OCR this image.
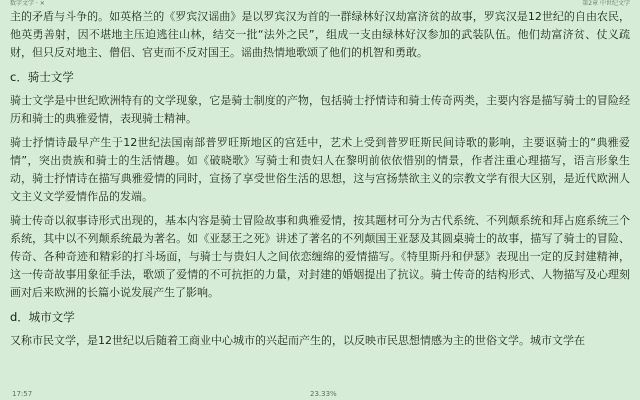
数字文学 · ✕	第2章 中世纪文学

主的矛盾与斗争的。如英格兰的《罗宾汉谣曲》是以罗宾汉为首的一群绿林好汉劫富济贫的故事，罗宾汉是12世纪的自由农民，他英勇善射，因不堪地主压迫逃往山林，结交一批“法外之民”，组成一支由绿林好汉参加的武装队伍。他们劫富济贫、仗义疏财，但只反对地主、僧侣、官吏而不反对国王。谣曲热情地歌颂了他们的机智和勇敢。

c．骑士文学

骑士文学是中世纪欧洲特有的文学现象，它是骑士制度的产物，包括骑士抒情诗和骑士传奇两类，主要内容是描写骑士的冒险经历和骑士的典雅爱情，表现骑士精神。

骑士抒情诗最早产生于12世纪法国南部普罗旺斯地区的宫廷中，艺术上受到普罗旺斯民间诗歌的影响，主要讴骑士的“典雅爱情”，突出贵族和骑士的生活情趣。如《破晓歌》写骑士和贵妇人在黎明前依依惜别的情景，作者注重心理描写，语言形象生动，骑士抒情诗在描写典雅爱情的同时，宣扬了享受世俗生活的思想，这与宫扬禁欲主义的宗教文学有很大区别，是近代欧洲人文主义文学爱情作品的发端。

骑士传奇以叙事诗形式出现的，基本内容是骑士冒险故事和典雅爱情，按其题材可分为古代系统、不列颠系统和拜占庭系统三个系统，其中以不列颠系统最为著名。如《亚瑟王之死》讲述了著名的不列颠国王亚瑟及其圆桌骑士的故事，描写了骑士的冒险、传奇、各种奇迹和精彩的打斗场面，与骑士与贵妇人之间依恋缠绵的爱情描写。《特里斯丹和伊瑟》表现出一定的反封建精神，这一传奇故事用象征手法，歌颂了爱情的不可抗拒的力量，对封建的婚姻提出了抗议。骑士传奇的结构形式、人物描写及心理刻画对后来欧洲的长篇小说发展产生了影响。

d．城市文学

又称市民文学，是12世纪以后随着工商业中心城市的兴起而产生的，以反映市民思想情感为主的世俗文学。城市文学在

17:57	23.33%
